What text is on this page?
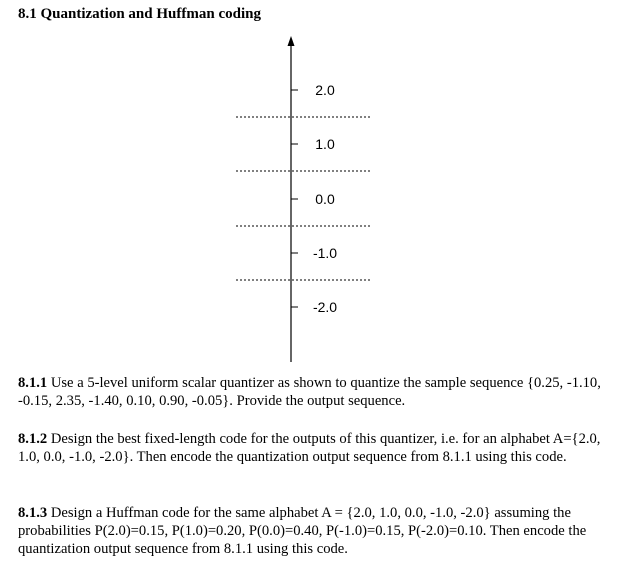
8.1 Quantization and Huffman coding
2.0
1.0
0.0
-1.0
-2.0
8.1.1 Use a 5-level uniform scalar quantizer as shown to quantize the sample sequence {0.25, -1.10, -0.15, 2.35, -1.40, 0.10, 0.90, -0.05}. Provide the output sequence.
8.1.2 Design the best fixed-length code for the outputs of this quantizer, i.e. for an alphabet A={2.0, 1.0, 0.0, -1.0, -2.0}. Then encode the quantization output sequence from 8.1.1 using this code.
8.1.3 Design a Huffman code for the same alphabet A = {2.0, 1.0, 0.0, -1.0, -2.0} assuming the probabilities P(2.0)=0.15, P(1.0)=0.20, P(0.0)=0.40, P(-1.0)=0.15, P(-2.0)=0.10. Then encode the quantization output sequence from 8.1.1 using this code.
